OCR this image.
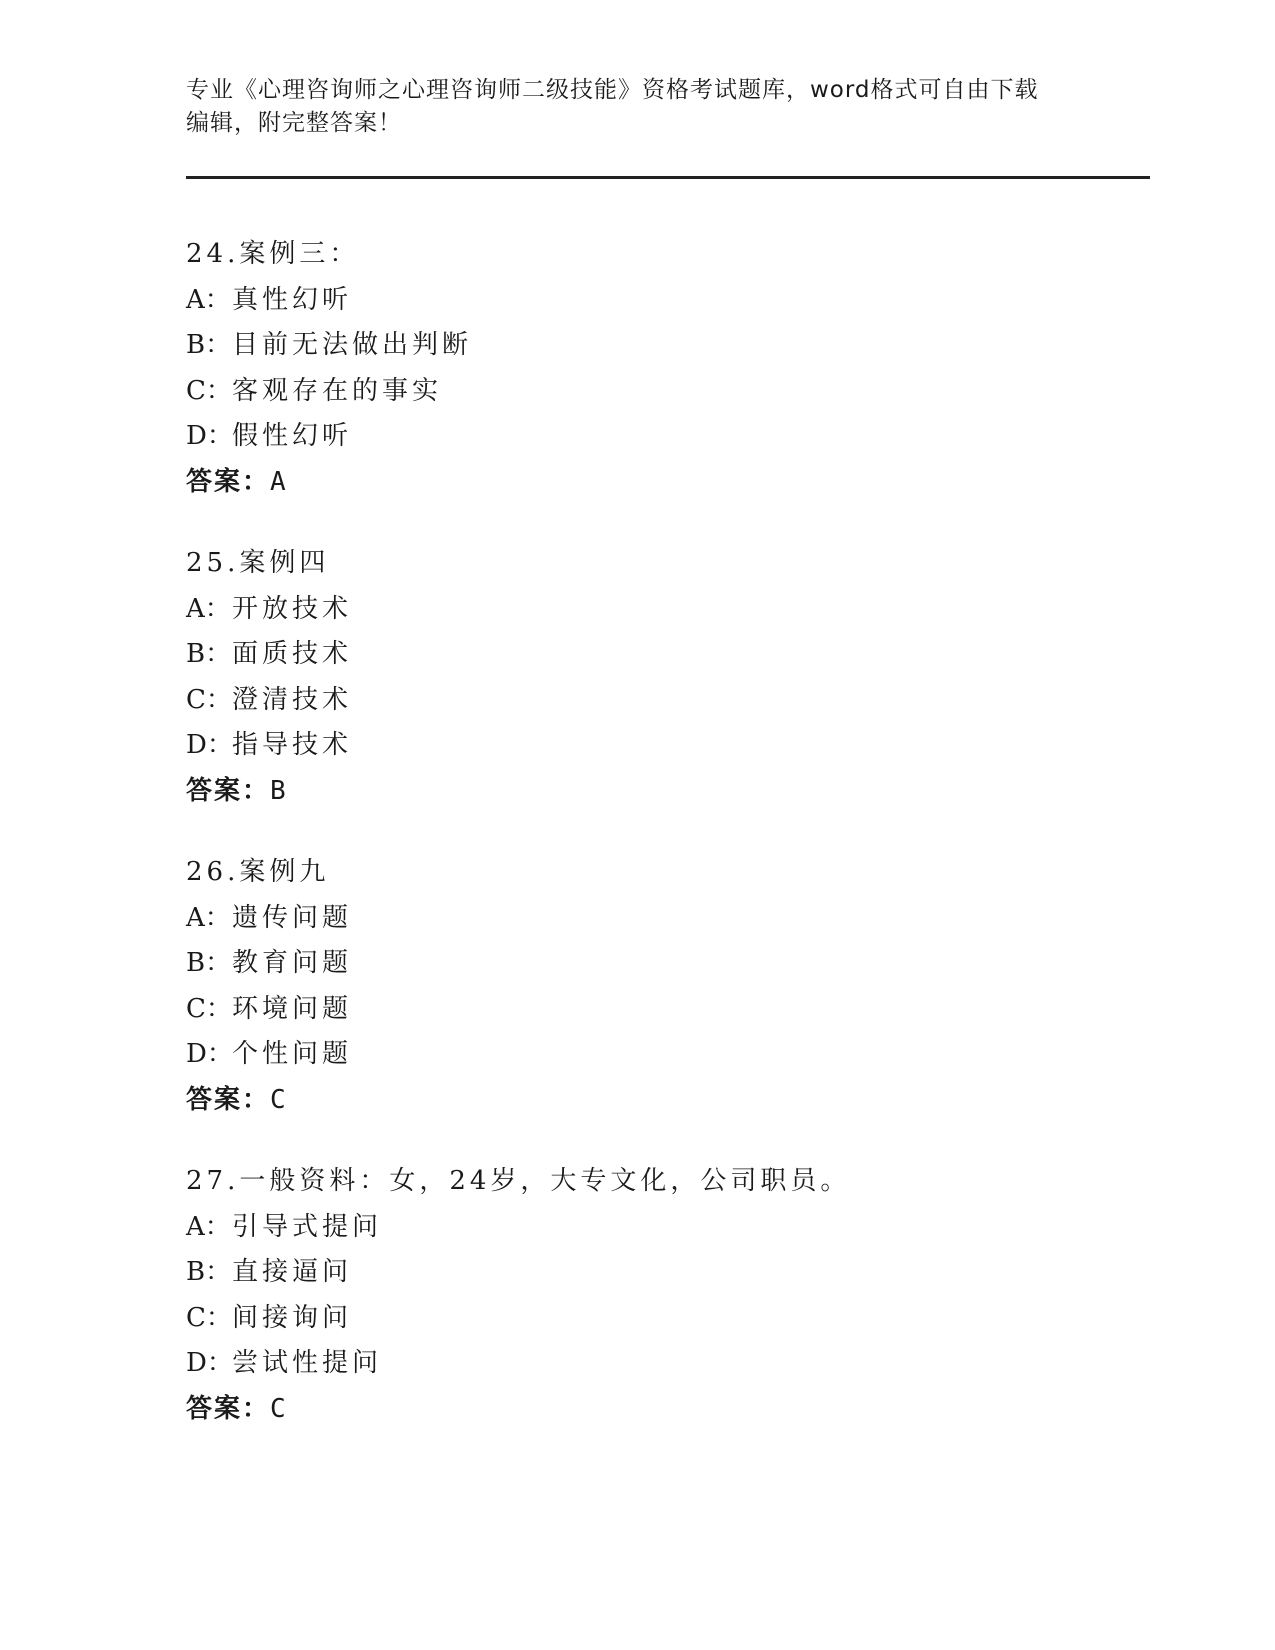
专业《心理咨询师之心理咨询师二级技能》资格考试题库，word格式可自由下载
编辑，附完整答案！
24.案例三：
A：真性幻听
B：目前无法做出判断
C：客观存在的事实
D：假性幻听
答案：A
25.案例四
A：开放技术
B：面质技术
C：澄清技术
D：指导技术
答案：B
26.案例九
A：遗传问题
B：教育问题
C：环境问题
D：个性问题
答案：C
27.一般资料：女，24岁，大专文化，公司职员。
A：引导式提问
B：直接逼问
C：间接询问
D：尝试性提问
答案：C
